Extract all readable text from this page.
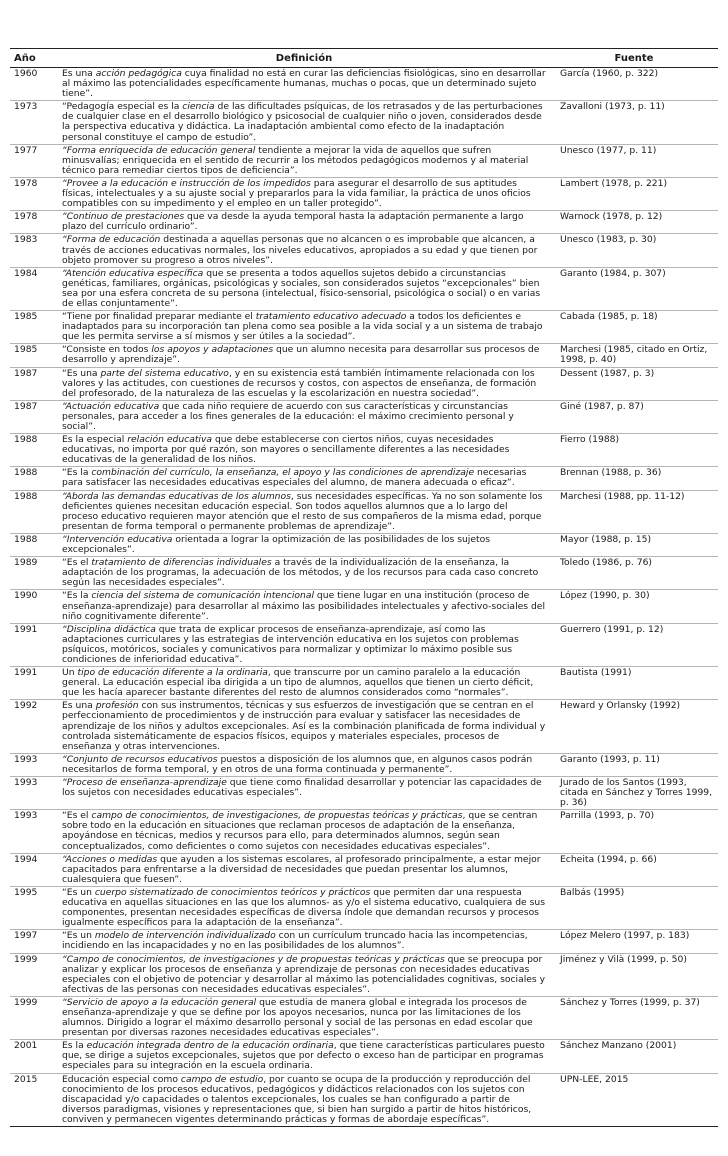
Año	Definición	Fuente
1960	Es una acción pedagógica cuya finalidad no está en curar las deficiencias fisiológicas, sino en desarrollar al máximo las potencialidades específicamente humanas, muchas o pocas, que un determinado sujeto tiene”.	García (1960, p. 322)
1973	“Pedagogía especial es la ciencia de las dificultades psíquicas, de los retrasados y de las perturbaciones de cualquier clase en el desarrollo biológico y psicosocial de cualquier niño o joven, considerados desde la perspectiva educativa y didáctica. La inadaptación ambiental como efecto de la inadaptación personal constituye el campo de estudio”.	Zavalloni (1973, p. 11)
1977	“Forma enriquecida de educación general tendiente a mejorar la vida de aquellos que sufren minusvalías; enriquecida en el sentido de recurrir a los métodos pedagógicos modernos y al material técnico para remediar ciertos tipos de deficiencia”.	Unesco (1977, p. 11)
1978	“Provee a la educación e instrucción de los impedidos para asegurar el desarrollo de sus aptitudes físicas, intelectuales y a su ajuste social y prepararlos para la vida familiar, la práctica de unos oficios compatibles con su impedimento y el empleo en un taller protegido”.	Lambert (1978, p. 221)
1978	“Continuo de prestaciones que va desde la ayuda temporal hasta la adaptación permanente a largo plazo del currículo ordinario”.	Warnock (1978, p. 12)
1983	“Forma de educación destinada a aquellas personas que no alcancen o es improbable que alcancen, a través de acciones educativas normales, los niveles educativos, apropiados a su edad y que tienen por objeto promover su progreso a otros niveles”.	Unesco (1983, p. 30)
1984	“Atención educativa específica que se presenta a todos aquellos sujetos debido a circunstancias genéticas, familiares, orgánicas, psicológicas y sociales, son considerados sujetos “excepcionales” bien sea por una esfera concreta de su persona (intelectual, físico-sensorial, psicológica o social) o en varias de ellas conjuntamente”.	Garanto (1984, p. 307)
1985	“Tiene por finalidad preparar mediante el tratamiento educativo adecuado a todos los deficientes e inadaptados para su incorporación tan plena como sea posible a la vida social y a un sistema de trabajo que les permita servirse a sí mismos y ser útiles a la sociedad”.	Cabada (1985, p. 18)
1985	“Consiste en todos los apoyos y adaptaciones que un alumno necesita para desarrollar sus procesos de desarrollo y aprendizaje”.	Marchesi (1985, citado en Ortiz, 1998, p. 40)
1987	“Es una parte del sistema educativo, y en su existencia está también íntimamente relacionada con los valores y las actitudes, con cuestiones de recursos y costos, con aspectos de enseñanza, de formación del profesorado, de la naturaleza de las escuelas y la escolarización en nuestra sociedad”.	Dessent (1987, p. 3)
1987	“Actuación educativa que cada niño requiere de acuerdo con sus características y circunstancias personales, para acceder a los fines generales de la educación: el máximo crecimiento personal y social”.	Giné (1987, p. 87)
1988	Es la especial relación educativa que debe establecerse con ciertos niños, cuyas necesidades educativas, no importa por qué razón, son mayores o sencillamente diferentes a las necesidades educativas de la generalidad de los niños.	Fierro (1988)
1988	“Es la combinación del currículo, la enseñanza, el apoyo y las condiciones de aprendizaje necesarias para satisfacer las necesidades educativas especiales del alumno, de manera adecuada o eficaz”.	Brennan (1988, p. 36)
1988	“Aborda las demandas educativas de los alumnos, sus necesidades específicas. Ya no son solamente los deficientes quienes necesitan educación especial. Son todos aquellos alumnos que a lo largo del proceso educativo requieren mayor atención que el resto de sus compañeros de la misma edad, porque presentan de forma temporal o permanente problemas de aprendizaje”.	Marchesi (1988, pp. 11-12)
1988	“Intervención educativa orientada a lograr la optimización de las posibilidades de los sujetos excepcionales”.	Mayor (1988, p. 15)
1989	“Es el tratamiento de diferencias individuales a través de la individualización de la enseñanza, la adaptación de los programas, la adecuación de los métodos, y de los recursos para cada caso concreto según las necesidades especiales”.	Toledo (1986, p. 76)
1990	“Es la ciencia del sistema de comunicación intencional que tiene lugar en una institución (proceso de enseñanza-aprendizaje) para desarrollar al máximo las posibilidades intelectuales y afectivo-sociales del niño cognitivamente diferente”.	López (1990, p. 30)
1991	“Disciplina didáctica que trata de explicar procesos de enseñanza-aprendizaje, así como las adaptaciones curriculares y las estrategias de intervención educativa en los sujetos con problemas psíquicos, motóricos, sociales y comunicativos para normalizar y optimizar lo máximo posible sus condiciones de inferioridad educativa”.	Guerrero (1991, p. 12)
1991	Un tipo de educación diferente a la ordinaria, que transcurre por un camino paralelo a la educación general. La educación especial iba dirigida a un tipo de alumnos, aquellos que tienen un cierto déficit, que les hacía aparecer bastante diferentes del resto de alumnos considerados como “normales”.	Bautista (1991)
1992	Es una profesión con sus instrumentos, técnicas y sus esfuerzos de investigación que se centran en el perfeccionamiento de procedimientos y de instrucción para evaluar y satisfacer las necesidades de aprendizaje de los niños y adultos excepcionales. Así es la combinación planificada de forma individual y controlada sistemáticamente de espacios físicos, equipos y materiales especiales, procesos de enseñanza y otras intervenciones.	Heward y Orlansky (1992)
1993	“Conjunto de recursos educativos puestos a disposición de los alumnos que, en algunos casos podrán necesitarlos de forma temporal, y en otros de una forma continuada y permanente”.	Garanto (1993, p. 11)
1993	“Proceso de enseñanza-aprendizaje que tiene como finalidad desarrollar y potenciar las capacidades de los sujetos con necesidades educativas especiales”.	Jurado de los Santos (1993, citada en Sánchez y Torres 1999, p. 36)
1993	“Es el campo de conocimientos, de investigaciones, de propuestas teóricas y prácticas, que se centran sobre todo en la educación en situaciones que reclaman procesos de adaptación de la enseñanza, apoyándose en técnicas, medios y recursos para ello, para determinados alumnos, según sean conceptualizados, como deficientes o como sujetos con necesidades educativas especiales”.	Parrilla (1993, p. 70)
1994	“Acciones o medidas que ayuden a los sistemas escolares, al profesorado principalmente, a estar mejor capacitados para enfrentarse a la diversidad de necesidades que puedan presentar los alumnos, cualesquiera que fuesen”.	Echeita (1994, p. 66)
1995	“Es un cuerpo sistematizado de conocimientos teóricos y prácticos que permiten dar una respuesta educativa en aquellas situaciones en las que los alumnos- as y/o el sistema educativo, cualquiera de sus componentes, presentan necesidades específicas de diversa índole que demandan recursos y procesos igualmente específicos para la adaptación de la enseñanza”.	Balbás (1995)
1997	“Es un modelo de intervención individualizado con un currículum truncado hacia las incompetencias, incidiendo en las incapacidades y no en las posibilidades de los alumnos”.	López Melero (1997, p. 183)
1999	“Campo de conocimientos, de investigaciones y de propuestas teóricas y prácticas que se preocupa por analizar y explicar los procesos de enseñanza y aprendizaje de personas con necesidades educativas especiales con el objetivo de potenciar y desarrollar al máximo las potencialidades cognitivas, sociales y afectivas de las personas con necesidades educativas especiales”.	Jiménez y Vilà (1999, p. 50)
1999	“Servicio de apoyo a la educación general que estudia de manera global e integrada los procesos de enseñanza-aprendizaje y que se define por los apoyos necesarios, nunca por las limitaciones de los alumnos. Dirigido a lograr el máximo desarrollo personal y social de las personas en edad escolar que presentan por diversas razones necesidades educativas especiales”.	Sánchez y Torres (1999, p. 37)
2001	Es la educación integrada dentro de la educación ordinaria, que tiene características particulares puesto que, se dirige a sujetos excepcionales, sujetos que por defecto o exceso han de participar en programas especiales para su integración en la escuela ordinaria.	Sánchez Manzano (2001)
2015	Educación especial como campo de estudio, por cuanto se ocupa de la producción y reproducción del conocimiento de los procesos educativos, pedagógicos y didácticos relacionados con los sujetos con discapacidad y/o capacidades o talentos excepcionales, los cuales se han configurado a partir de diversos paradigmas, visiones y representaciones que, si bien han surgido a partir de hitos históricos, conviven y permanecen vigentes determinando prácticas y formas de abordaje específicas”.	UPN-LEE, 2015
